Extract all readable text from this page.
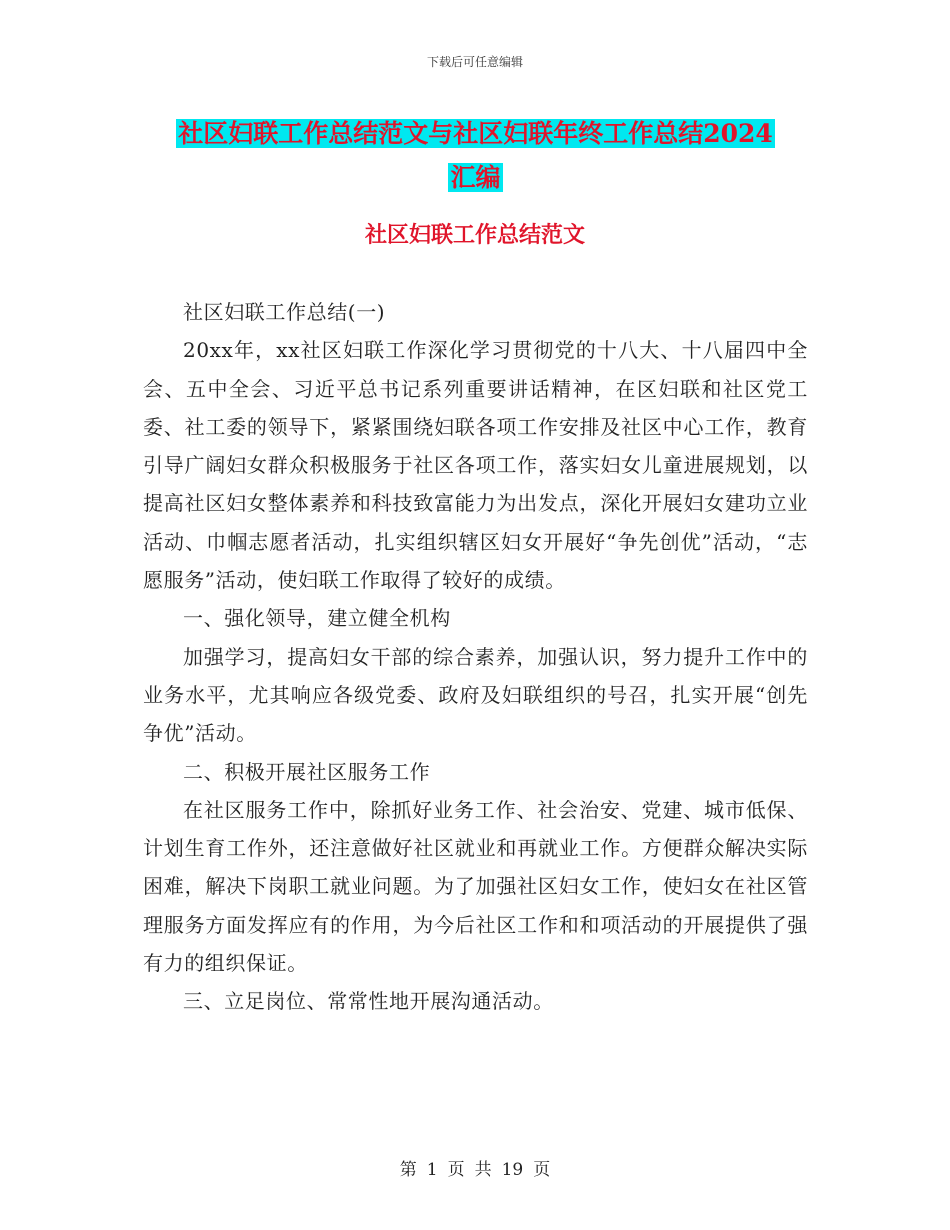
下载后可任意编辑
社区妇联工作总结范文与社区妇联年终工作总结2024
汇编
社区妇联工作总结范文

社区妇联工作总结(一)

20xx年，xx社区妇联工作深化学习贯彻党的十八大、十八届四中全会、五中全会、习近平总书记系列重要讲话精神，在区妇联和社区党工委、社工委的领导下，紧紧围绕妇联各项工作安排及社区中心工作，教育引导广阔妇女群众积极服务于社区各项工作，落实妇女儿童进展规划，以提高社区妇女整体素养和科技致富能力为出发点，深化开展妇女建功立业活动、巾帼志愿者活动，扎实组织辖区妇女开展好“争先创优”活动，“志愿服务”活动，使妇联工作取得了较好的成绩。

一、强化领导，建立健全机构

加强学习，提高妇女干部的综合素养，加强认识，努力提升工作中的业务水平，尤其响应各级党委、政府及妇联组织的号召，扎实开展“创先争优”活动。

二、积极开展社区服务工作

在社区服务工作中，除抓好业务工作、社会治安、党建、城市低保、计划生育工作外，还注意做好社区就业和再就业工作。方便群众解决实际困难，解决下岗职工就业问题。为了加强社区妇女工作，使妇女在社区管理服务方面发挥应有的作用，为今后社区工作和和项活动的开展提供了强有力的组织保证。

三、立足岗位、常常性地开展沟通活动。

第 1 页 共 19 页
